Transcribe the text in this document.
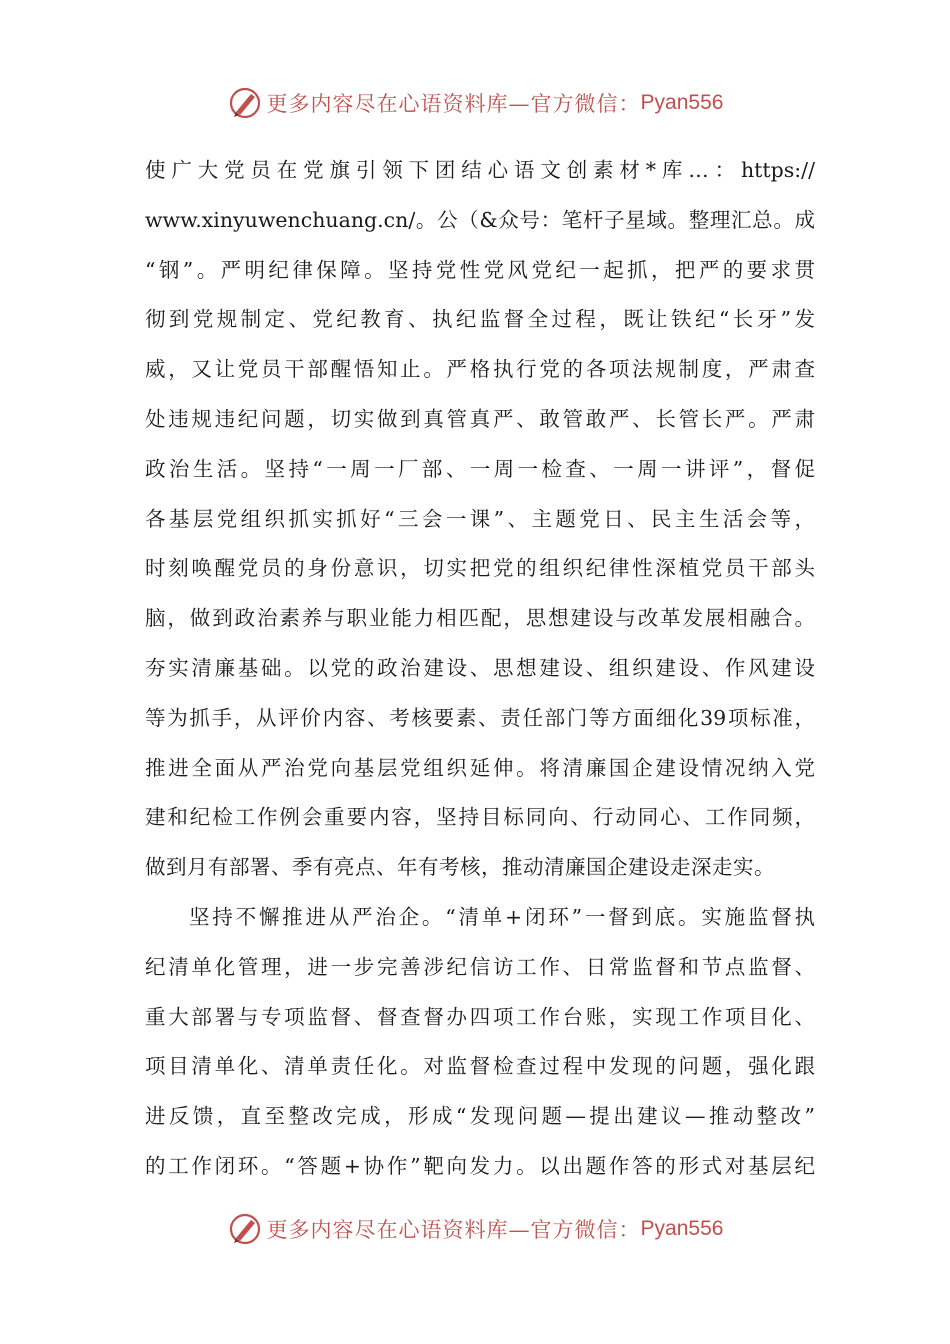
更多内容尽在心语资料库—官方微信： Pyan556
使广大党员在党旗引领下团结心语文创素材*库…：https://
www.xinyuwenchuang.cn/。公（&众号：笔杆子星域。整理汇总。成
“钢”。严明纪律保障。坚持党性党风党纪一起抓，把严的要求贯
彻到党规制定、党纪教育、执纪监督全过程，既让铁纪“长牙”发
威，又让党员干部醒悟知止。严格执行党的各项法规制度，严肃查
处违规违纪问题，切实做到真管真严、敢管敢严、长管长严。严肃
政治生活。坚持“一周一厂部、一周一检查、一周一讲评”，督促
各基层党组织抓实抓好“三会一课”、主题党日、民主生活会等，
时刻唤醒党员的身份意识，切实把党的组织纪律性深植党员干部头
脑，做到政治素养与职业能力相匹配，思想建设与改革发展相融合。
夯实清廉基础。以党的政治建设、思想建设、组织建设、作风建设
等为抓手，从评价内容、考核要素、责任部门等方面细化39项标准，
推进全面从严治党向基层党组织延伸。将清廉国企建设情况纳入党
建和纪检工作例会重要内容，坚持目标同向、行动同心、工作同频，
做到月有部署、季有亮点、年有考核，推动清廉国企建设走深走实。
坚持不懈推进从严治企。“清单+闭环”一督到底。实施监督执
纪清单化管理，进一步完善涉纪信访工作、日常监督和节点监督、
重大部署与专项监督、督查督办四项工作台账，实现工作项目化、
项目清单化、清单责任化。对监督检查过程中发现的问题，强化跟
进反馈，直至整改完成，形成“发现问题—提出建议—推动整改”
的工作闭环。“答题+协作”靶向发力。以出题作答的形式对基层纪
更多内容尽在心语资料库—官方微信： Pyan556
